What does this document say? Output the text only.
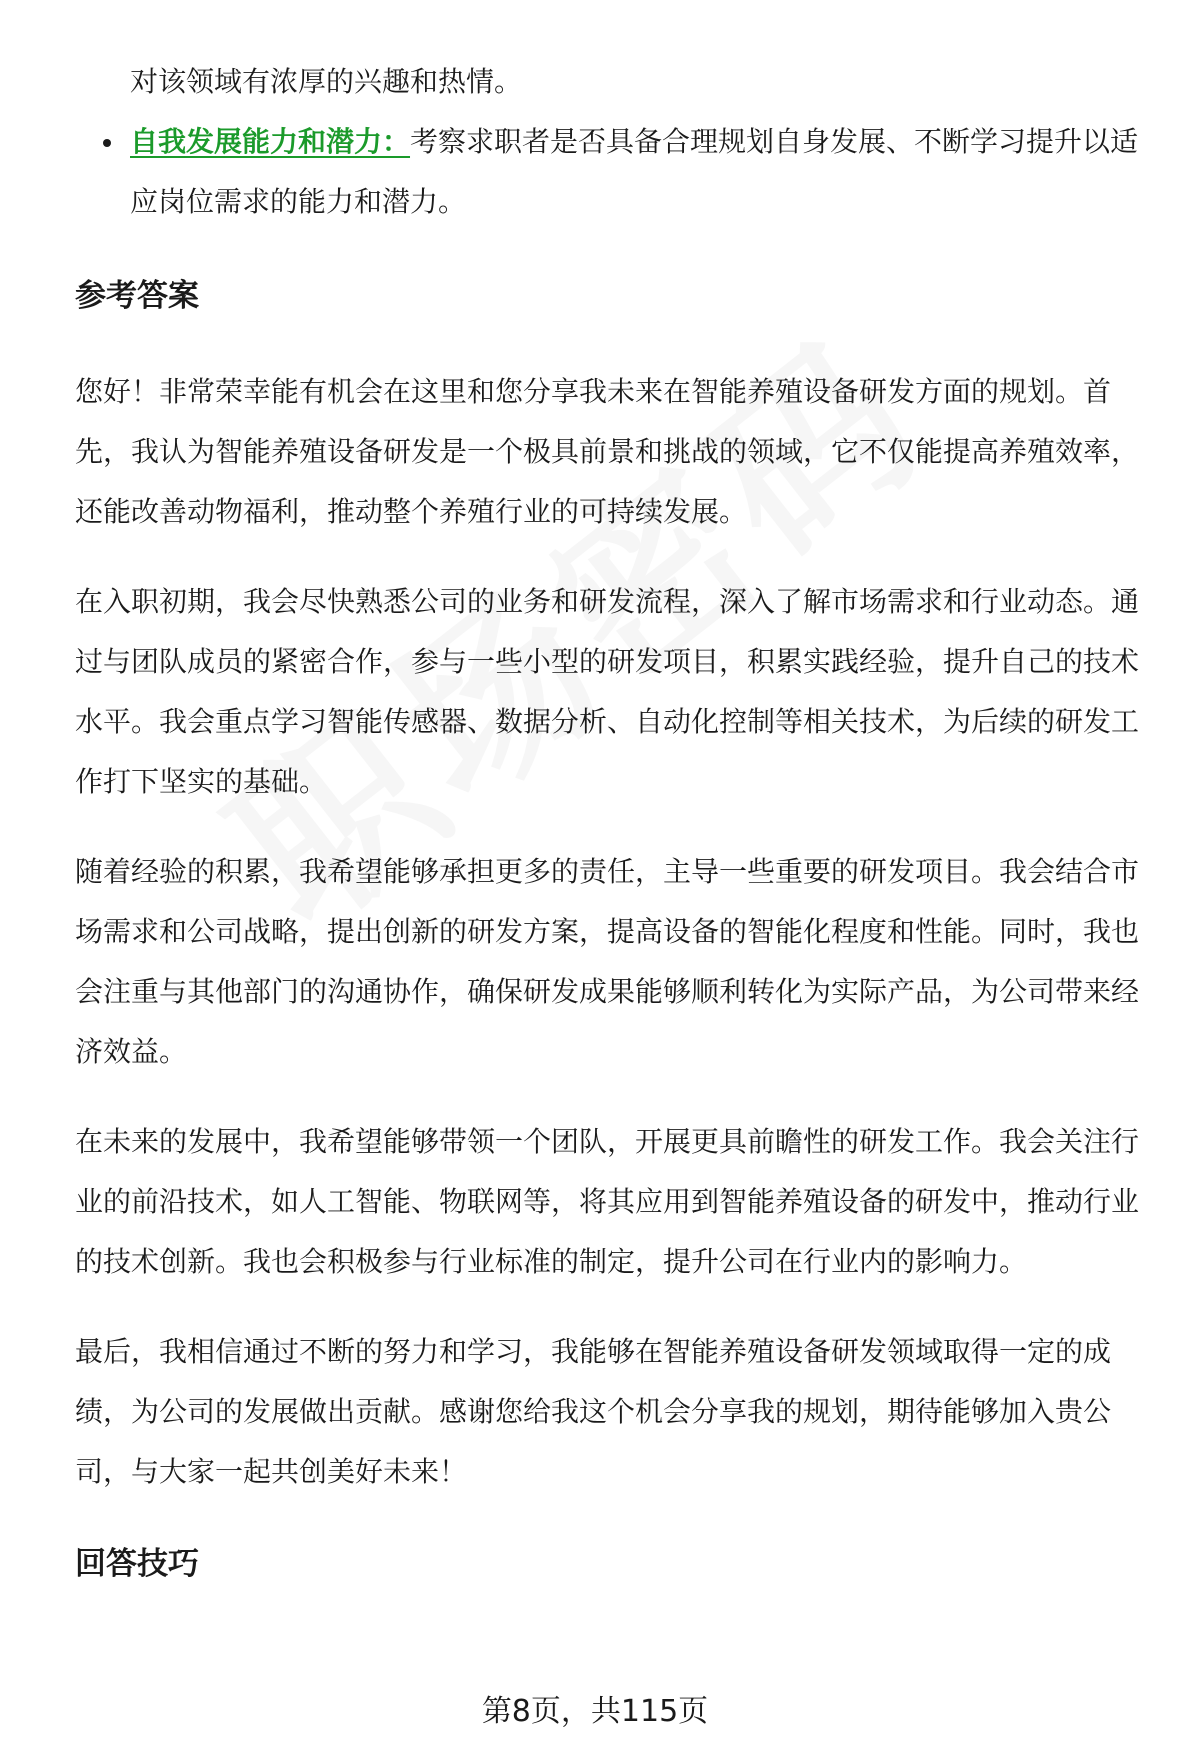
对该领域有浓厚的兴趣和热情。
自我发展能力和潜力：考察求职者是否具备合理规划自身发展、不断学习提升以适应岗位需求的能力和潜力。
参考答案

您好！非常荣幸能有机会在这里和您分享我未来在智能养殖设备研发方面的规划。首先，我认为智能养殖设备研发是一个极具前景和挑战的领域，它不仅能提高养殖效率，还能改善动物福利，推动整个养殖行业的可持续发展。

在入职初期，我会尽快熟悉公司的业务和研发流程，深入了解市场需求和行业动态。通过与团队成员的紧密合作，参与一些小型的研发项目，积累实践经验，提升自己的技术水平。我会重点学习智能传感器、数据分析、自动化控制等相关技术，为后续的研发工作打下坚实的基础。

随着经验的积累，我希望能够承担更多的责任，主导一些重要的研发项目。我会结合市场需求和公司战略，提出创新的研发方案，提高设备的智能化程度和性能。同时，我也会注重与其他部门的沟通协作，确保研发成果能够顺利转化为实际产品，为公司带来经济效益。

在未来的发展中，我希望能够带领一个团队，开展更具前瞻性的研发工作。我会关注行业的前沿技术，如人工智能、物联网等，将其应用到智能养殖设备的研发中，推动行业的技术创新。我也会积极参与行业标准的制定，提升公司在行业内的影响力。

最后，我相信通过不断的努力和学习，我能够在智能养殖设备研发领域取得一定的成绩，为公司的发展做出贡献。感谢您给我这个机会分享我的规划，期待能够加入贵公司，与大家一起共创美好未来！

回答技巧
第8页，共115页
